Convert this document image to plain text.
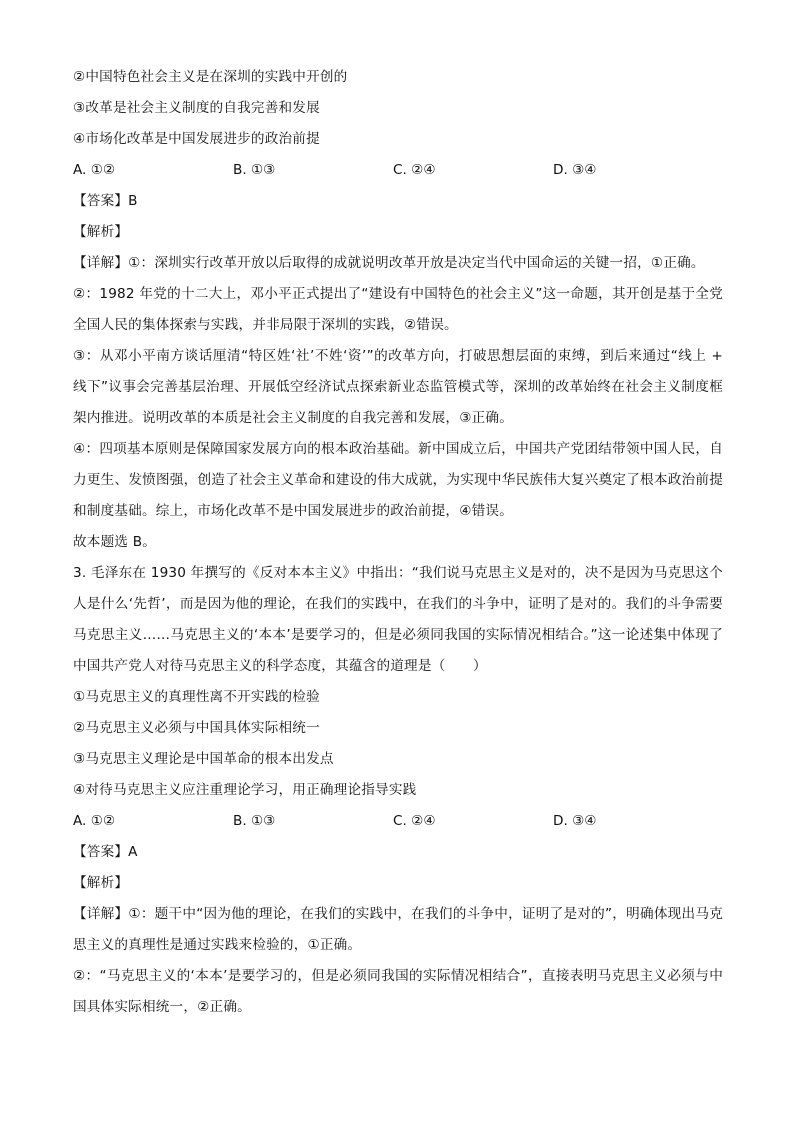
②中国特色社会主义是在深圳的实践中开创的
③改革是社会主义制度的自我完善和发展
④市场化改革是中国发展进步的政治前提
A. ①②	B. ①③	C. ②④	D. ③④
【答案】B
【解析】
【详解】①：深圳实行改革开放以后取得的成就说明改革开放是决定当代中国命运的关键一招，①正确。
②：1982 年党的十二大上，邓小平正式提出了“建设有中国特色的社会主义”这一命题，其开创是基于全党全国人民的集体探索与实践，并非局限于深圳的实践，②错误。
③：从邓小平南方谈话厘清“特区姓‘社’不姓‘资’”的改革方向，打破思想层面的束缚，到后来通过“线上 + 线下”议事会完善基层治理、开展低空经济试点探索新业态监管模式等，深圳的改革始终在社会主义制度框架内推进。说明改革的本质是社会主义制度的自我完善和发展，③正确。
④：四项基本原则是保障国家发展方向的根本政治基础。新中国成立后，中国共产党团结带领中国人民，自力更生、发愤图强，创造了社会主义革命和建设的伟大成就，为实现中华民族伟大复兴奠定了根本政治前提和制度基础。综上，市场化改革不是中国发展进步的政治前提，④错误。
故本题选 B。
3. 毛泽东在 1930 年撰写的《反对本本主义》中指出：“我们说马克思主义是对的，决不是因为马克思这个人是什么‘先哲’，而是因为他的理论，在我们的实践中，在我们的斗争中，证明了是对的。我们的斗争需要马克思主义……马克思主义的‘本本’是要学习的，但是必须同我国的实际情况相结合。”这一论述集中体现了中国共产党人对待马克思主义的科学态度，其蕴含的道理是（　　）
①马克思主义的真理性离不开实践的检验
②马克思主义必须与中国具体实际相统一
③马克思主义理论是中国革命的根本出发点
④对待马克思主义应注重理论学习，用正确理论指导实践
A. ①②	B. ①③	C. ②④	D. ③④
【答案】A
【解析】
【详解】①：题干中“因为他的理论，在我们的实践中，在我们的斗争中，证明了是对的”，明确体现出马克思主义的真理性是通过实践来检验的，①正确。
②：“马克思主义的‘本本’是要学习的，但是必须同我国的实际情况相结合”，直接表明马克思主义必须与中国具体实际相统一，②正确。
